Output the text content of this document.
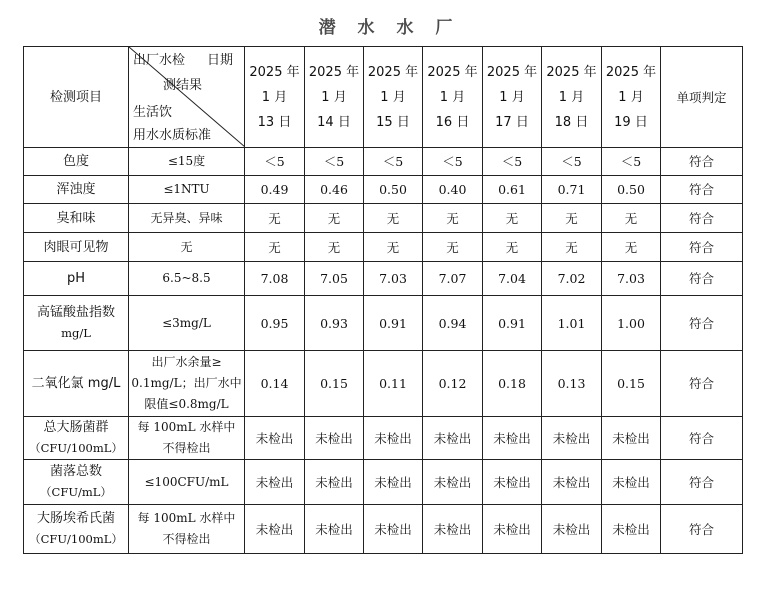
潜 水 水 厂
检测项目	出厂水检 日期
测结果
生活饮
用水水质标准	2025 年
1 月
13 日	2025 年
1 月
14 日	2025 年
1 月
15 日	2025 年
1 月
16 日	2025 年
1 月
17 日	2025 年
1 月
18 日	2025 年
1 月
19 日	单项判定

色度	≤15度	＜5	＜5	＜5	＜5	＜5	＜5	＜5	符合

浑浊度	≤1NTU	0.49	0.46	0.50	0.40	0.61	0.71	0.50	符合

臭和味	无异臭、异味	无	无	无	无	无	无	无	符合

肉眼可见物	无	无	无	无	无	无	无	无	符合

pH	6.5~8.5	7.08	7.05	7.03	7.07	7.04	7.02	7.03	符合

高锰酸盐指数
mg/L	≤3mg/L	0.95	0.93	0.91	0.94	0.91	1.01	1.00	符合

二氧化氯 mg/L	出厂水余量≥
0.1mg/L；出厂水中
限值≤0.8mg/L	0.14	0.15	0.11	0.12	0.18	0.13	0.15	符合

总大肠菌群
（CFU/100mL）	每 100mL 水样中
不得检出	未检出	未检出	未检出	未检出	未检出	未检出	未检出	符合

菌落总数
（CFU/mL）	≤100CFU/mL	未检出	未检出	未检出	未检出	未检出	未检出	未检出	符合

大肠埃希氏菌
（CFU/100mL）	每 100mL 水样中
不得检出	未检出	未检出	未检出	未检出	未检出	未检出	未检出	符合
